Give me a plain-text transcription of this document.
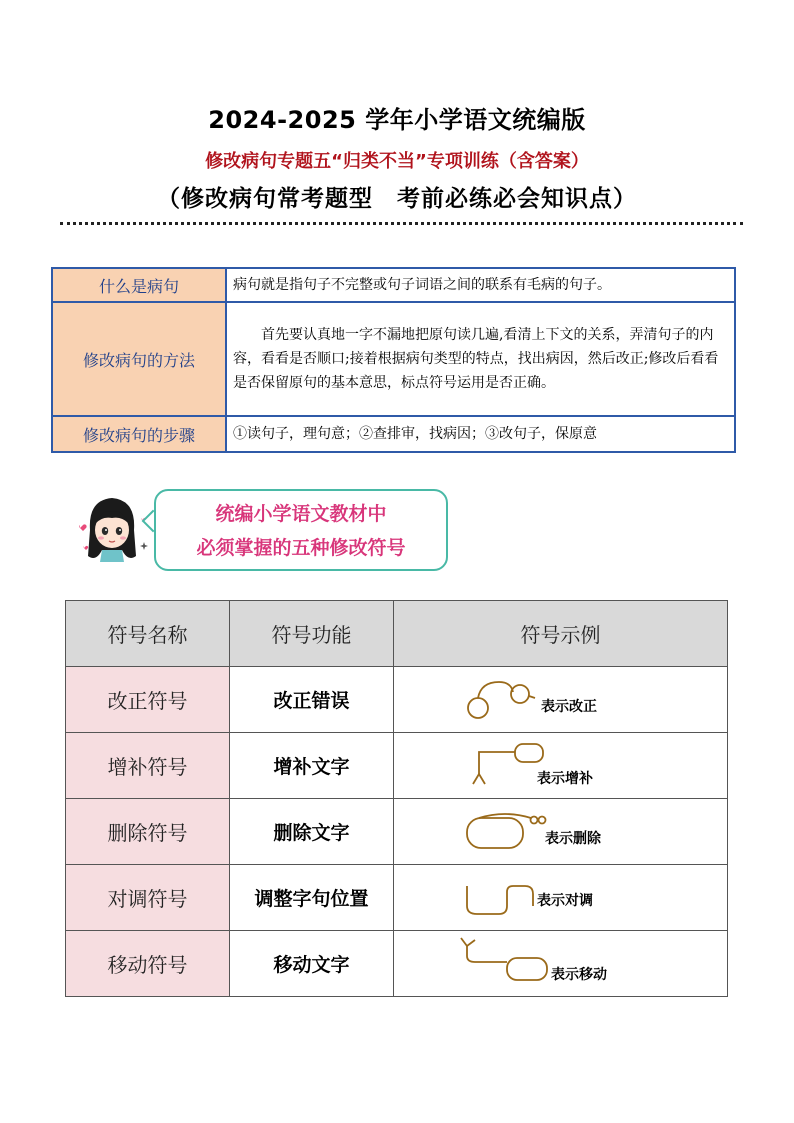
2024-2025 学年小学语文统编版
修改病句专题五“归类不当”专项训练（含答案）
（修改病句常考题型　考前必练必会知识点）
什么是病句	病句就是指句子不完整或句子词语之间的联系有毛病的句子。
修改病句的方法	首先要认真地一字不漏地把原句读几遍,看清上下文的关系，弄清句子的内容，看看是否顺口;接着根据病句类型的特点，找出病因，然后改正;修改后看看是否保留原句的基本意思，标点符号运用是否正确。
修改病句的步骤	①读句子，理句意；②查排审，找病因；③改句子，保原意
统编小学语文教材中
必须掌握的五种修改符号
符号名称	符号功能	符号示例
改正符号	改正错误	表示改正

增补符号	增补文字	表示增补

删除符号	删除文字	表示删除

对调符号	调整字句位置	表示对调

移动符号	移动文字	表示移动
